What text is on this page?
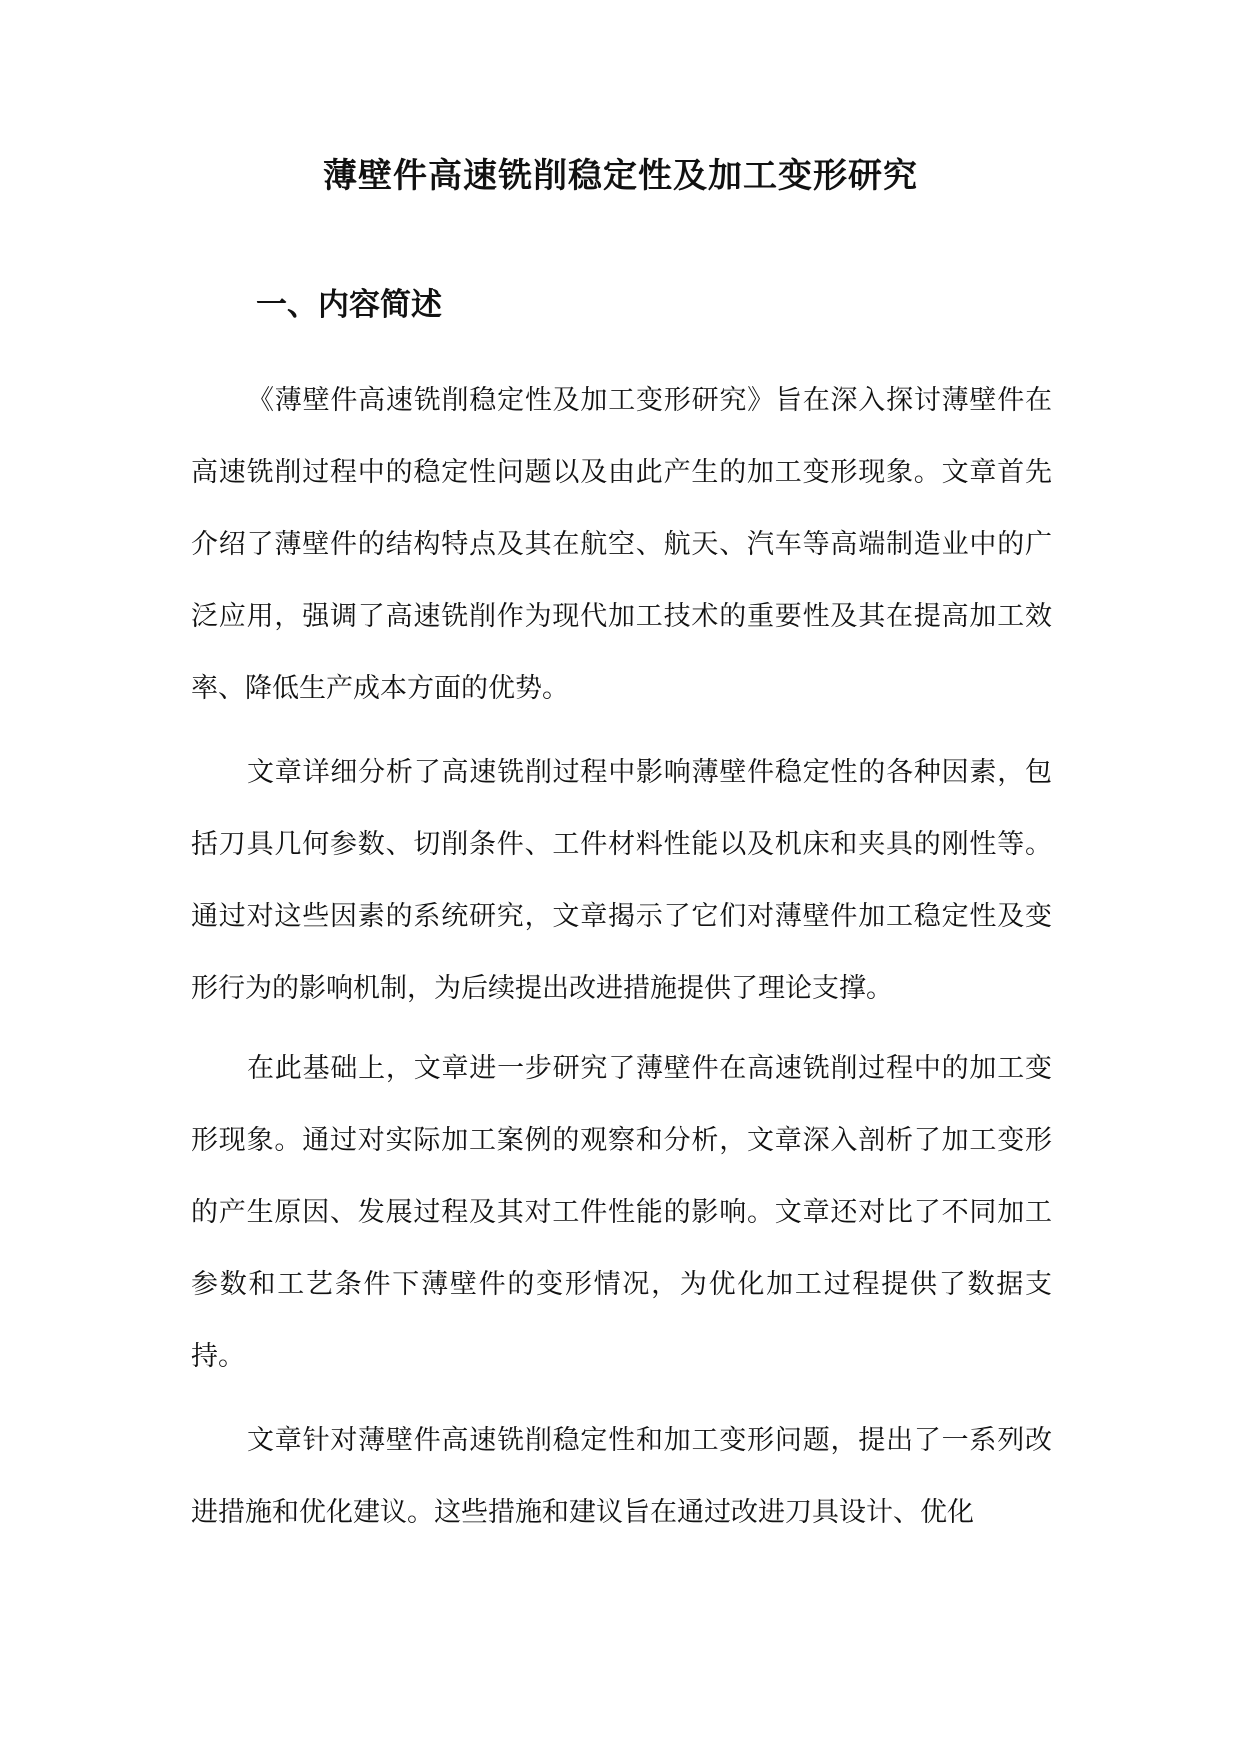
薄壁件高速铣削稳定性及加工变形研究
一、内容简述

《薄壁件高速铣削稳定性及加工变形研究》旨在深入探讨薄壁件在高速铣削过程中的稳定性问题以及由此产生的加工变形现象。文章首先介绍了薄壁件的结构特点及其在航空、航天、汽车等高端制造业中的广泛应用，强调了高速铣削作为现代加工技术的重要性及其在提高加工效率、降低生产成本方面的优势。

文章详细分析了高速铣削过程中影响薄壁件稳定性的各种因素，包括刀具几何参数、切削条件、工件材料性能以及机床和夹具的刚性等。通过对这些因素的系统研究，文章揭示了它们对薄壁件加工稳定性及变形行为的影响机制，为后续提出改进措施提供了理论支撑。

在此基础上，文章进一步研究了薄壁件在高速铣削过程中的加工变形现象。通过对实际加工案例的观察和分析，文章深入剖析了加工变形的产生原因、发展过程及其对工件性能的影响。文章还对比了不同加工参数和工艺条件下薄壁件的变形情况，为优化加工过程提供了数据支持。

文章针对薄壁件高速铣削稳定性和加工变形问题，提出了一系列改进措施和优化建议。这些措施和建议旨在通过改进刀具设计、优化
